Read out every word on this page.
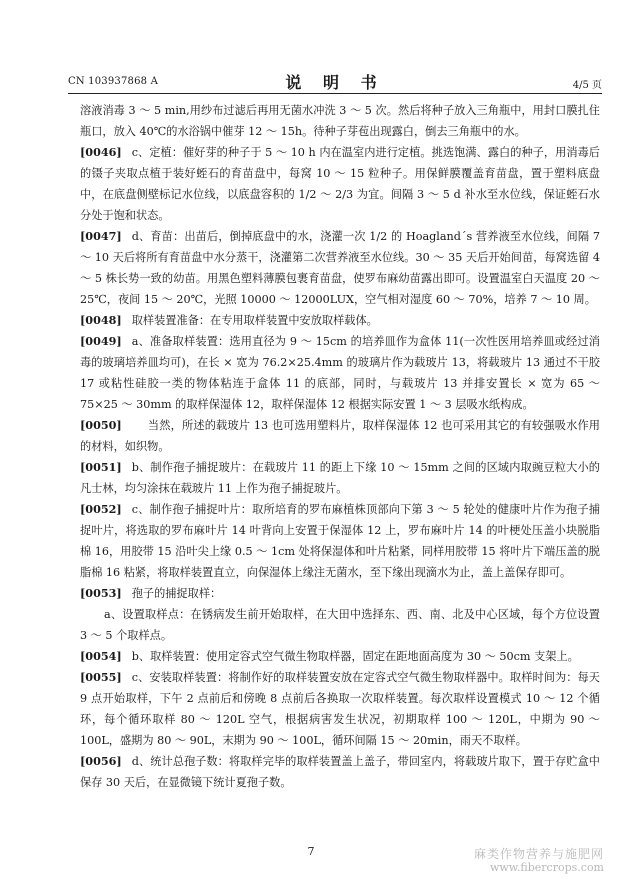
CN 103937868 A	说 明 书	4/5 页

溶液消毒 3 ～ 5 min,用纱布过滤后再用无菌水冲洗 3 ～ 5 次。然后将种子放入三角瓶中，用封口膜扎住瓶口，放入 40℃的水浴锅中催芽 12 ～ 15h。待种子芽苞出现露白，倒去三角瓶中的水。

[0046] c、定植：催好芽的种子于 5 ～ 10 h 内在温室内进行定植。挑选饱满、露白的种子，用消毒后的镊子夹取点植于装好蛭石的育苗盘中，每窝 10 ～ 15 粒种子。用保鲜膜覆盖育苗盘，置于塑料底盘中，在底盘侧壁标记水位线，以底盘容积的 1/2 ～ 2/3 为宜。间隔 3 ～ 5 d 补水至水位线，保证蛭石水分处于饱和状态。

[0047] d、育苗：出苗后，倒掉底盘中的水，浇灌一次 1/2 的 Hoagland´s 营养液至水位线，间隔 7 ～ 10 天后将所有育苗盘中水分蒸干，浇灌第二次营养液至水位线。30 ～ 35 天后开始间苗，每窝选留 4 ～ 5 株长势一致的幼苗。用黑色塑料薄膜包裹育苗盘，使罗布麻幼苗露出即可。设置温室白天温度 20 ～ 25℃，夜间 15 ～ 20℃，光照 10000 ～ 12000LUX，空气相对湿度 60 ～ 70%，培养 7 ～ 10 周。

[0048] 取样装置准备：在专用取样装置中安放取样载体。

[0049] a、准备取样装置：选用直径为 9 ～ 15cm 的培养皿作为盒体 11(一次性医用培养皿或经过消毒的玻璃培养皿均可)，在长 × 宽为 76.2×25.4mm 的玻璃片作为载玻片 13，将载玻片 13 通过不干胶 17 或粘性硅胶一类的物体粘连于盒体 11 的底部，同时，与载玻片 13 并排安置长 × 宽为 65 ～ 75×25 ～ 30mm 的取样保湿体 12，取样保湿体 12 根据实际安置 1 ～ 3 层吸水纸构成。

[0050] 当然，所述的载玻片 13 也可选用塑料片，取样保湿体 12 也可采用其它的有较强吸水作用的材料，如织物。

[0051] b、制作孢子捕捉玻片：在载玻片 11 的距上下缘 10 ～ 15mm 之间的区域内取豌豆粒大小的凡士林，均匀涂抹在载玻片 11 上作为孢子捕捉玻片。

[0052] c、制作孢子捕捉叶片：取所培育的罗布麻植株顶部向下第 3 ～ 5 轮处的健康叶片作为孢子捕捉叶片，将选取的罗布麻叶片 14 叶背向上安置于保湿体 12 上，罗布麻叶片 14 的叶梗处压盖小块脱脂棉 16，用胶带 15 沿叶尖上缘 0.5 ～ 1cm 处将保湿体和叶片粘紧，同样用胶带 15 将叶片下端压盖的脱脂棉 16 粘紧，将取样装置直立，向保湿体上缘注无菌水，至下缘出现滴水为止，盖上盖保存即可。

[0053] 孢子的捕捉取样：

a、设置取样点：在锈病发生前开始取样，在大田中选择东、西、南、北及中心区域，每个方位设置 3 ～ 5 个取样点。

[0054] b、取样装置：使用定容式空气微生物取样器，固定在距地面高度为 30 ～ 50cm 支架上。

[0055] c、安装取样装置：将制作好的取样装置安放在定容式空气微生物取样器中。取样时间为：每天 9 点开始取样，下午 2 点前后和傍晚 8 点前后各换取一次取样装置。每次取样设置模式 10 ～ 12 个循环，每个循环取样 80 ～ 120L 空气，根据病害发生状况，初期取样 100 ～ 120L，中期为 90 ～ 100L，盛期为 80 ～ 90L，末期为 90 ～ 100L，循环间隔 15 ～ 20min，雨天不取样。

[0056] d、统计总孢子数：将取样完毕的取样装置盖上盖子，带回室内，将载玻片取下，置于存贮盒中保存 30 天后，在显微镜下统计夏孢子数。

7	麻类作物营养与施肥网
www.fibercrops.com
